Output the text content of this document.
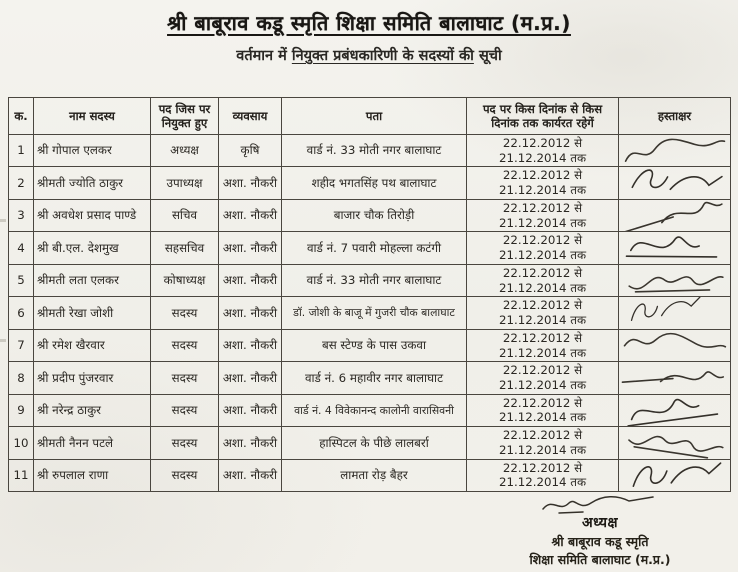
श्री बाबूराव कडू स्मृति शिक्षा समिति बालाघाट (म.प्र.)
वर्तमान में नियुक्त प्रबंधकारिणी के सदस्यों की सूची
क.	नाम सदस्य	पद जिस पर नियुक्त हुए	व्यवसाय	पता	पद पर किस दिनांक से किस दिनांक तक कार्यरत रहेगें	हस्ताक्षर
1	श्री गोपाल एलकर	अध्यक्ष	कृषि	वार्ड नं. 33 मोती नगर बालाघाट	22.12.2012 से 21.12.2014 तक	

2	श्रीमती ज्योति ठाकुर	उपाध्यक्ष	अशा. नौकरी	शहीद भगतसिंह पथ बालाघाट	22.12.2012 से 21.12.2014 तक	

3	श्री अवधेश प्रसाद पाण्डे	सचिव	अशा. नौकरी	बाजार चौक तिरोड़ी	22.12.2012 से 21.12.2014 तक	

4	श्री बी.एल. देशमुख	सहसचिव	अशा. नौकरी	वार्ड नं. 7 पवारी मोहल्ला कटंगी	22.12.2012 से 21.12.2014 तक	

5	श्रीमती लता एलकर	कोषाध्यक्ष	अशा. नौकरी	वार्ड नं. 33 मोती नगर बालाघाट	22.12.2012 से 21.12.2014 तक	

6	श्रीमती रेखा जोशी	सदस्य	अशा. नौकरी	डॉ. जोशी के बाजू में गुजरी चौक बालाघाट	22.12.2012 से 21.12.2014 तक	

7	श्री रमेश खैरवार	सदस्य	अशा. नौकरी	बस स्टेण्ड के पास उकवा	22.12.2012 से 21.12.2014 तक	

8	श्री प्रदीप पुंजरवार	सदस्य	अशा. नौकरी	वार्ड नं. 6 महावीर नगर बालाघाट	22.12.2012 से 21.12.2014 तक	

9	श्री नरेन्द्र ठाकुर	सदस्य	अशा. नौकरी	वार्ड नं. 4 विवेकानन्द कालोनी वारासिवनी	22.12.2012 से 21.12.2014 तक	

10	श्रीमती नैनन पटले	सदस्य	अशा. नौकरी	हास्पिटल के पीछे लालबर्रा	22.12.2012 से 21.12.2014 तक	

11	श्री रुपलाल राणा	सदस्य	अशा. नौकरी	लामता रोड़ बैहर	22.12.2012 से 21.12.2014 तक	
अध्यक्ष
श्री बाबूराव कडू स्मृति
शिक्षा समिति बालाघाट (म.प्र.)
